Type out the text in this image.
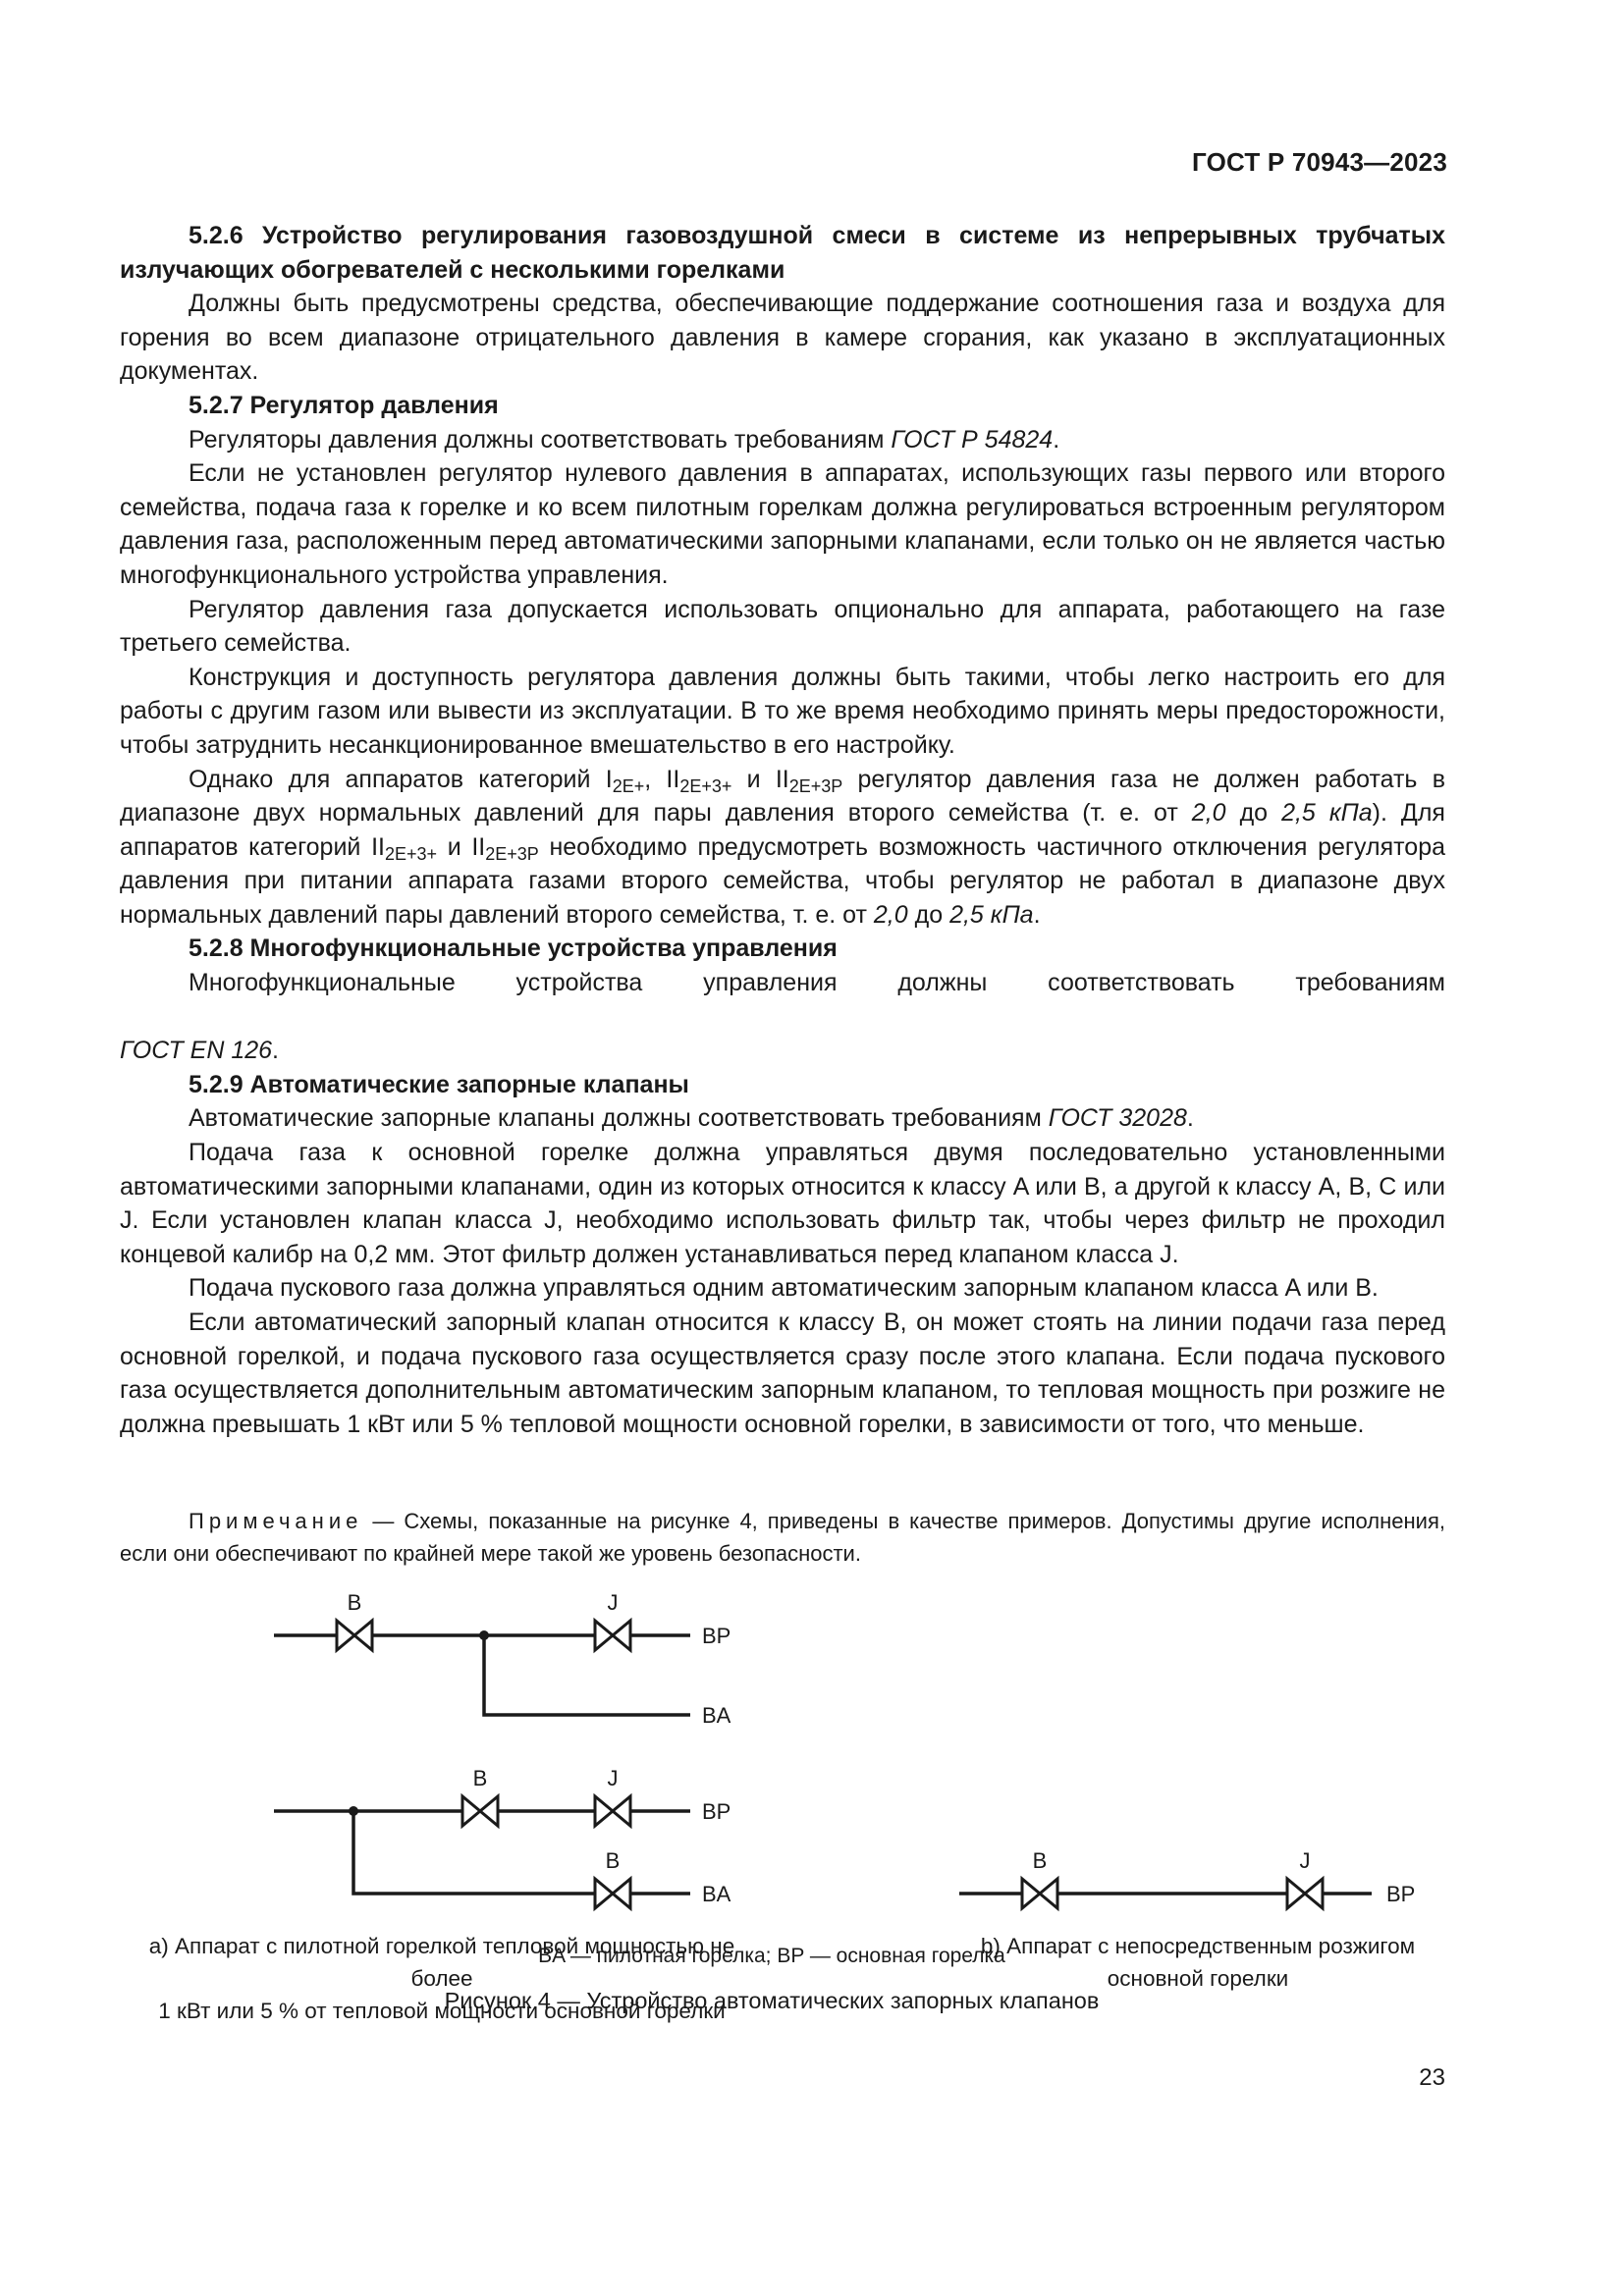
ГОСТ Р 70943—2023

5.2.6 Устройство регулирования газовоздушной смеси в системе из непрерывных трубчатых излучающих обогревателей с несколькими горелками

Должны быть предусмотрены средства, обеспечивающие поддержание соотношения газа и воздуха для горения во всем диапазоне отрицательного давления в камере сгорания, как указано в эксплуатационных документах.

5.2.7 Регулятор давления

Регуляторы давления должны соответствовать требованиям ГОСТ Р 54824.

Если не установлен регулятор нулевого давления в аппаратах, использующих газы первого или второго семейства, подача газа к горелке и ко всем пилотным горелкам должна регулироваться встроенным регулятором давления газа, расположенным перед автоматическими запорными клапанами, если только он не является частью многофункционального устройства управления.

Регулятор давления газа допускается использовать опционально для аппарата, работающего на газе третьего семейства.

Конструкция и доступность регулятора давления должны быть такими, чтобы легко настроить его для работы с другим газом или вывести из эксплуатации. В то же время необходимо принять меры предосторожности, чтобы затруднить несанкционированное вмешательство в его настройку.

Однако для аппаратов категорий $I_{2E+}$, $II_{2E+3+}$ и $II_{2E+3P}$ регулятор давления газа не должен работать в диапазоне двух нормальных давлений для пары давления второго семейства (т. е. от 2,0 до 2,5 кПа). Для аппаратов категорий $II_{2E+3+}$ и $II_{2E+3P}$ необходимо предусмотреть возможность частичного отключения регулятора давления при питании аппарата газами второго семейства, чтобы регулятор не работал в диапазоне двух нормальных давлений пары давлений второго семейства, т. е. от 2,0 до 2,5 кПа.

5.2.8 Многофункциональные устройства управления

Многофункциональные устройства управления должны соответствовать требованиям

ГОСТ EN 126.

5.2.9 Автоматические запорные клапаны

Автоматические запорные клапаны должны соответствовать требованиям ГОСТ 32028.

Подача газа к основной горелке должна управляться двумя последовательно установленными автоматическими запорными клапанами, один из которых относится к классу A или B, а другой к классу A, B, C или J. Если установлен клапан класса J, необходимо использовать фильтр так, чтобы через фильтр не проходил концевой калибр на 0,2 мм. Этот фильтр должен устанавливаться перед клапаном класса J.

Подача пускового газа должна управляться одним автоматическим запорным клапаном класса A или B.

Если автоматический запорный клапан относится к классу B, он может стоять на линии подачи газа перед основной горелкой, и подача пускового газа осуществляется сразу после этого клапана. Если подача пускового газа осуществляется дополнительным автоматическим запорным клапаном, то тепловая мощность при розжиге не должна превышать 1 кВт или 5 % тепловой мощности основной горелки, в зависимости от того, что меньше.

Примечание — Схемы, показанные на рисунке 4, приведены в качестве примеров. Допустимы другие исполнения, если они обеспечивают по крайней мере такой же уровень безопасности.
B	J
BP
BA
B	J
BP
B
BA
B	J
BP
a) Аппарат с пилотной горелкой тепловой мощностью не более
1 кВт или 5 % от тепловой мощности основной горелки
b) Аппарат с непосредственным розжигом
основной горелки
BA — пилотная горелка; BP — основная горелка
Рисунок 4 — Устройство автоматических запорных клапанов
23
